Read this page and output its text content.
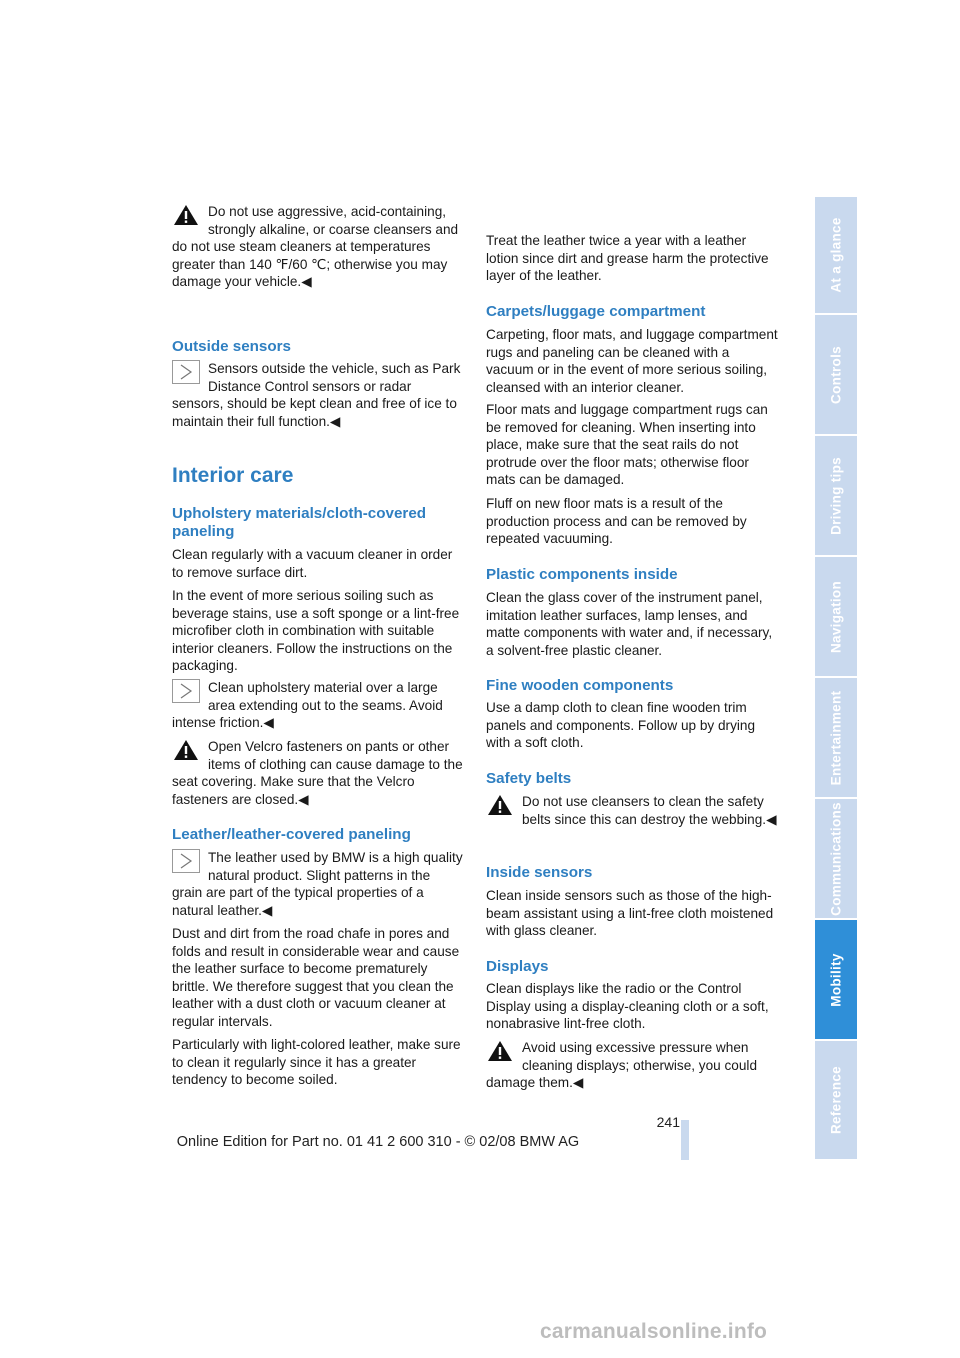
Do not use aggressive, acid-containing, strongly alkaline, or coarse cleansers and do not use steam cleaners at temperatures greater than 140 ℉/60 ℃; otherwise you may damage your vehicle.◀

Outside sensors

Sensors outside the vehicle, such as Park Distance Control sensors or radar sensors, should be kept clean and free of ice to maintain their full function.◀

Interior care
Upholstery materials/cloth-covered paneling

Clean regularly with a vacuum cleaner in order to remove surface dirt.

In the event of more serious soiling such as beverage stains, use a soft sponge or a lint-free microfiber cloth in combination with suitable interior cleaners. Follow the instructions on the packaging.

Clean upholstery material over a large area extending out to the seams. Avoid intense friction.◀

Open Velcro fasteners on pants or other items of clothing can cause damage to the seat covering. Make sure that the Velcro fasteners are closed.◀

Leather/leather-covered paneling

The leather used by BMW is a high quality natural product. Slight patterns in the grain are part of the typical properties of a natural leather.◀

Dust and dirt from the road chafe in pores and folds and result in considerable wear and cause the leather surface to become prematurely brittle. We therefore suggest that you clean the leather with a dust cloth or vacuum cleaner at regular intervals.

Particularly with light-colored leather, make sure to clean it regularly since it has a greater tendency to become soiled.

Treat the leather twice a year with a leather lotion since dirt and grease harm the protective layer of the leather.

Carpets/luggage compartment

Carpeting, floor mats, and luggage compartment rugs and paneling can be cleaned with a vacuum or in the event of more serious soiling, cleansed with an interior cleaner.

Floor mats and luggage compartment rugs can be removed for cleaning. When inserting into place, make sure that the seat rails do not protrude over the floor mats; otherwise floor mats can be damaged.

Fluff on new floor mats is a result of the production process and can be removed by repeated vacuuming.

Plastic components inside

Clean the glass cover of the instrument panel, imitation leather surfaces, lamp lenses, and matte components with water and, if necessary, a solvent-free plastic cleaner.

Fine wooden components

Use a damp cloth to clean fine wooden trim panels and components. Follow up by drying with a soft cloth.

Safety belts

Do not use cleansers to clean the safety belts since this can destroy the webbing.◀

Inside sensors

Clean inside sensors such as those of the high-beam assistant using a lint-free cloth moistened with glass cleaner.

Displays

Clean displays like the radio or the Control Display using a display-cleaning cloth or a soft, nonabrasive lint-free cloth.

Avoid using excessive pressure when cleaning displays; otherwise, you could damage them.◀

At a glance
Controls
Driving tips
Navigation
Entertainment
Communications
Mobility
Reference
241
Online Edition for Part no. 01 41 2 600 310 - © 02/08 BMW AG
carmanualsonline.info
